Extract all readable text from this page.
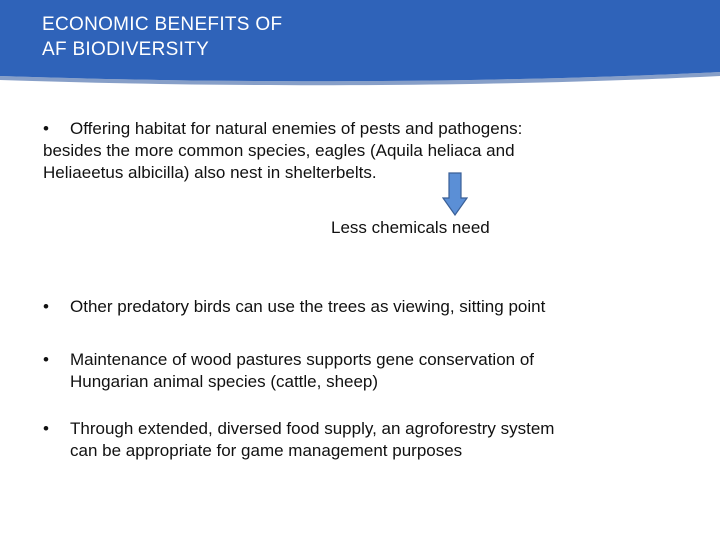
ECONOMIC BENEFITS OF
AF BIODIVERSITY
• Offering habitat for natural enemies of pests and pathogens:
besides the more common species, eagles (Aquila heliaca and
Heliaeetus albicilla) also nest in shelterbelts.
Less chemicals need
• Other predatory birds can use the trees as viewing, sitting point
• Maintenance of wood pastures supports gene conservation of
Hungarian animal species (cattle, sheep)
• Through extended, diversed food supply, an agroforestry system
can be appropriate for game management purposes
